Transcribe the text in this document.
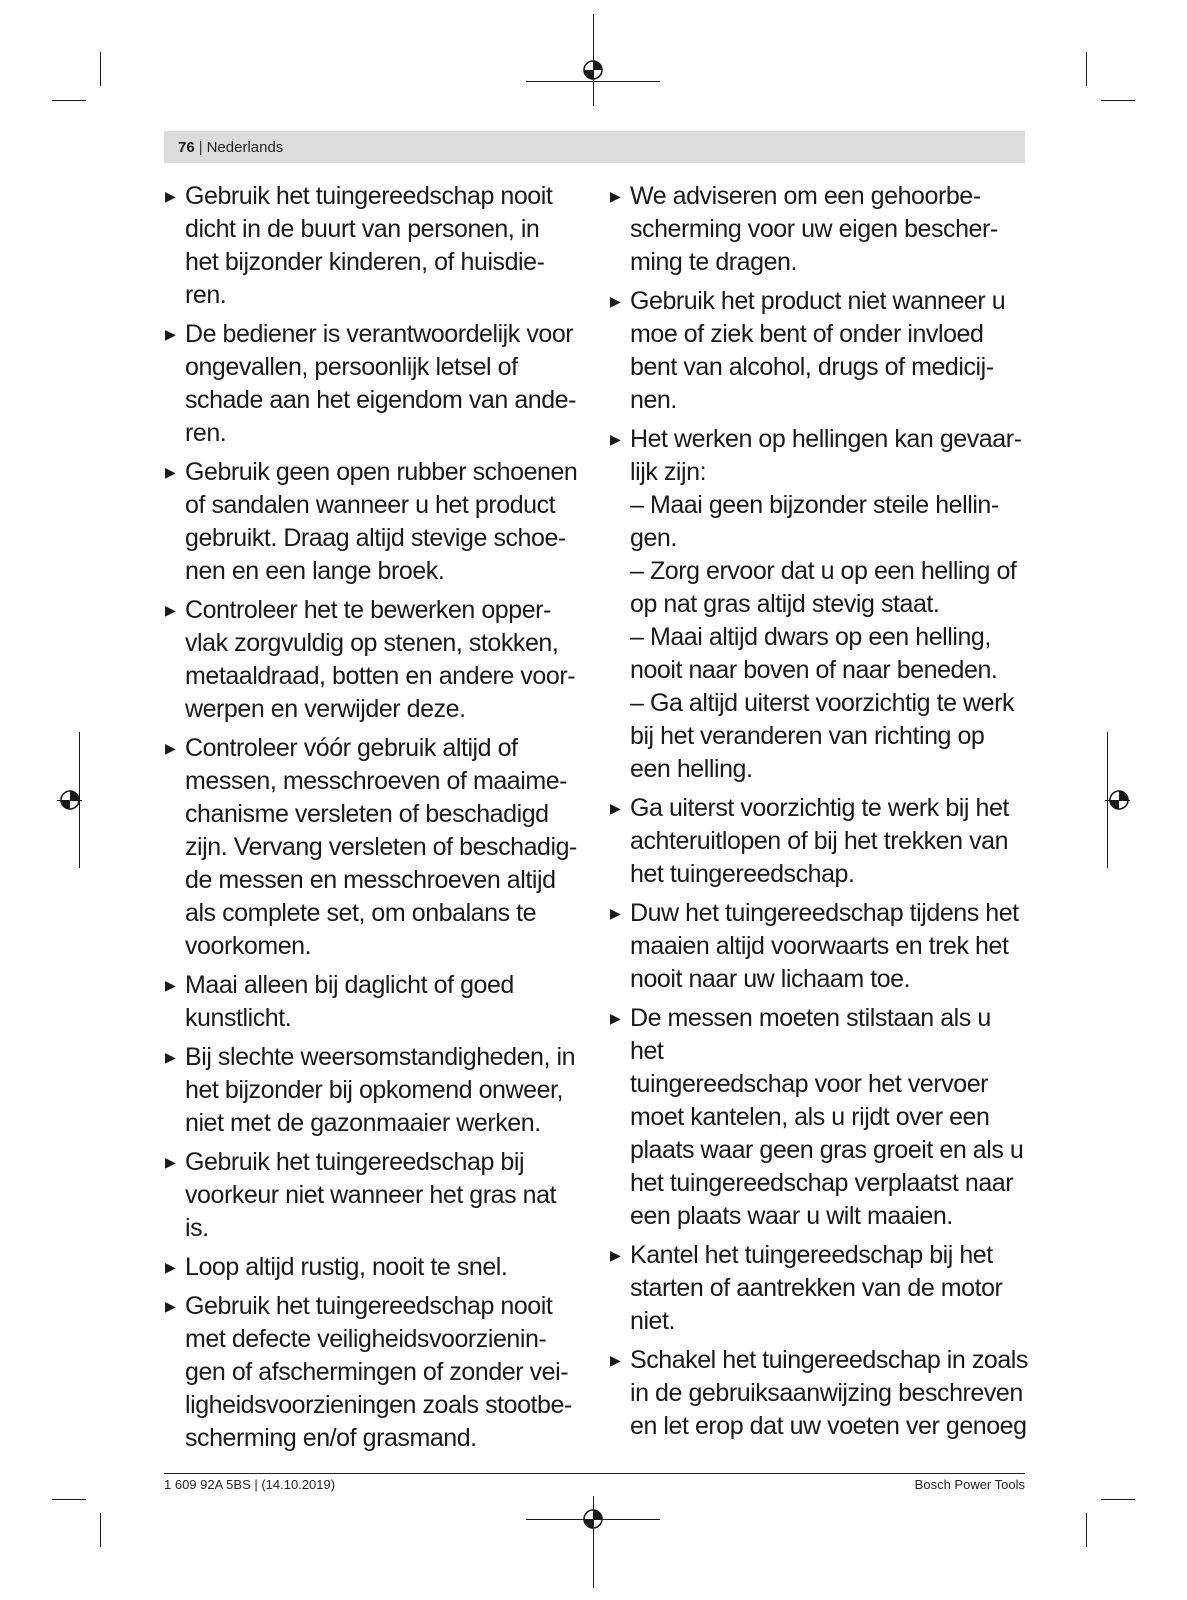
76 | Nederlands
▶ Gebruik het tuingereedschap nooit
dicht in de buurt van personen, in
het bijzonder kinderen, of huisdie-
ren.
▶ De bediener is verantwoordelijk voor
ongevallen, persoonlijk letsel of
schade aan het eigendom van ande-
ren.
▶ Gebruik geen open rubber schoenen
of sandalen wanneer u het product
gebruikt. Draag altijd stevige schoe-
nen en een lange broek.
▶ Controleer het te bewerken opper-
vlak zorgvuldig op stenen, stokken,
metaaldraad, botten en andere voor-
werpen en verwijder deze.
▶ Controleer vóór gebruik altijd of
messen, messchroeven of maaime-
chanisme versleten of beschadigd
zijn. Vervang versleten of beschadig-
de messen en messchroeven altijd
als complete set, om onbalans te
voorkomen.
▶ Maai alleen bij daglicht of goed
kunstlicht.
▶ Bij slechte weersomstandigheden, in
het bijzonder bij opkomend onweer,
niet met de gazonmaaier werken.
▶ Gebruik het tuingereedschap bij
voorkeur niet wanneer het gras nat
is.
▶ Loop altijd rustig, nooit te snel.
▶ Gebruik het tuingereedschap nooit
met defecte veiligheidsvoorzienin-
gen of afschermingen of zonder vei-
ligheidsvoorzieningen zoals stootbe-
scherming en/of grasmand.
▶ We adviseren om een gehoorbe-
scherming voor uw eigen bescher-
ming te dragen.
▶ Gebruik het product niet wanneer u
moe of ziek bent of onder invloed
bent van alcohol, drugs of medicij-
nen.
▶ Het werken op hellingen kan gevaar-
lijk zijn:
– Maai geen bijzonder steile hellin-
gen.
– Zorg ervoor dat u op een helling of
op nat gras altijd stevig staat.
– Maai altijd dwars op een helling,
nooit naar boven of naar beneden.
– Ga altijd uiterst voorzichtig te werk
bij het veranderen van richting op
een helling.
▶ Ga uiterst voorzichtig te werk bij het
achteruitlopen of bij het trekken van
het tuingereedschap.
▶ Duw het tuingereedschap tijdens het
maaien altijd voorwaarts en trek het
nooit naar uw lichaam toe.
▶ De messen moeten stilstaan als u het
tuingereedschap voor het vervoer
moet kantelen, als u rijdt over een
plaats waar geen gras groeit en als u
het tuingereedschap verplaatst naar
een plaats waar u wilt maaien.
▶ Kantel het tuingereedschap bij het
starten of aantrekken van de motor
niet.
▶ Schakel het tuingereedschap in zoals
in de gebruiksaanwijzing beschreven
en let erop dat uw voeten ver genoeg
1 609 92A 5BS | (14.10.2019)	Bosch Power Tools
